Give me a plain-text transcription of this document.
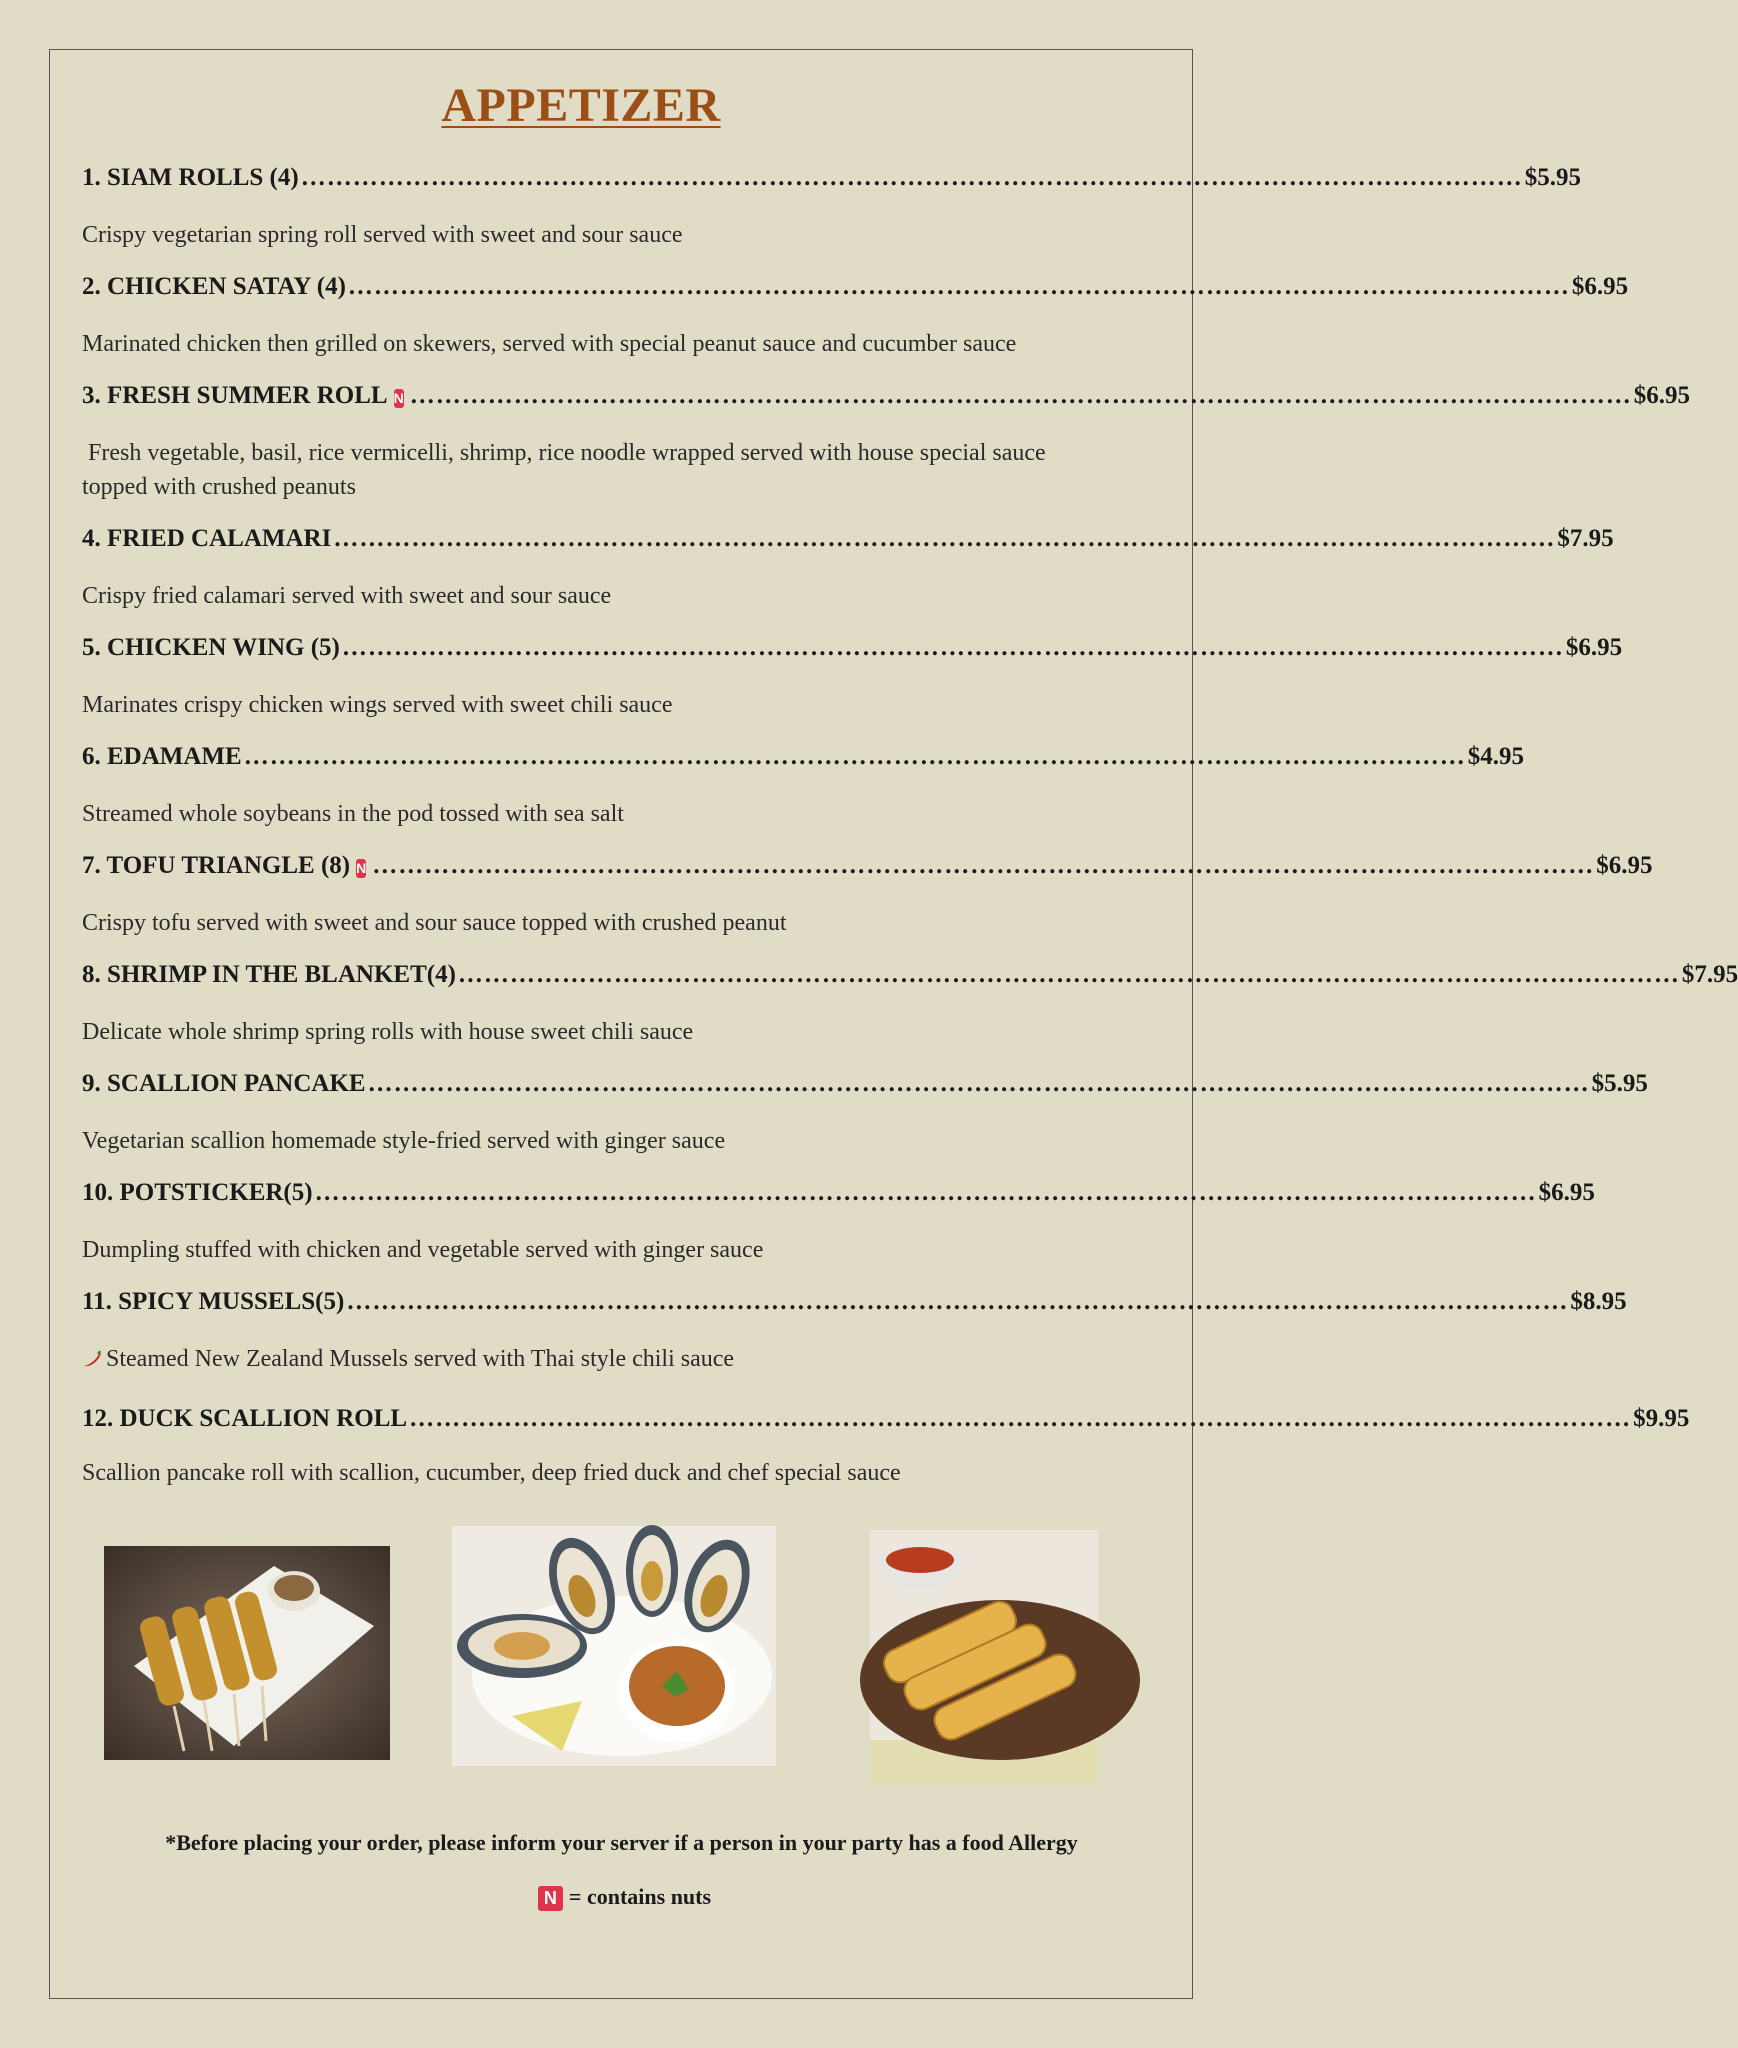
APPETIZER
1. SIAM ROLLS (4) …………………………………………………………………………………………………………………………… $5.95
Crispy vegetarian spring roll served with sweet and sour sauce
2. CHICKEN SATAY (4) …………………………………………………………………………………………………………………………… $6.95
Marinated chicken then grilled on skewers, served with special peanut sauce and cucumber sauce
3. FRESH SUMMER ROLL N …………………………………………………………………………………………………………………………… $6.95
Fresh vegetable, basil, rice vermicelli, shrimp, rice noodle wrapped served with house special sauce topped with crushed peanuts
4. FRIED CALAMARI …………………………………………………………………………………………………………………………… $7.95
Crispy fried calamari served with sweet and sour sauce
5. CHICKEN WING (5) …………………………………………………………………………………………………………………………… $6.95
Marinates crispy chicken wings served with sweet chili sauce
6. EDAMAME …………………………………………………………………………………………………………………………… $4.95
Streamed whole soybeans in the pod tossed with sea salt
7. TOFU TRIANGLE (8) N …………………………………………………………………………………………………………………………… $6.95
Crispy tofu served with sweet and sour sauce topped with crushed peanut
8. SHRIMP IN THE BLANKET(4) …………………………………………………………………………………………………………………………… $7.95
Delicate whole shrimp spring rolls with house sweet chili sauce
9. SCALLION PANCAKE …………………………………………………………………………………………………………………………… $5.95
Vegetarian scallion homemade style-fried served with ginger sauce
10. POTSTICKER(5) …………………………………………………………………………………………………………………………… $6.95
Dumpling stuffed with chicken and vegetable served with ginger sauce
11. SPICY MUSSELS(5) …………………………………………………………………………………………………………………………… $8.95
Steamed New Zealand Mussels served with Thai style chili sauce
12. DUCK SCALLION ROLL …………………………………………………………………………………………………………………………… $9.95
Scallion pancake roll with scallion, cucumber, deep fried duck and chef special sauce
*Before placing your order, please inform your server if a person in your party has a food Allergy
N = contains nuts
